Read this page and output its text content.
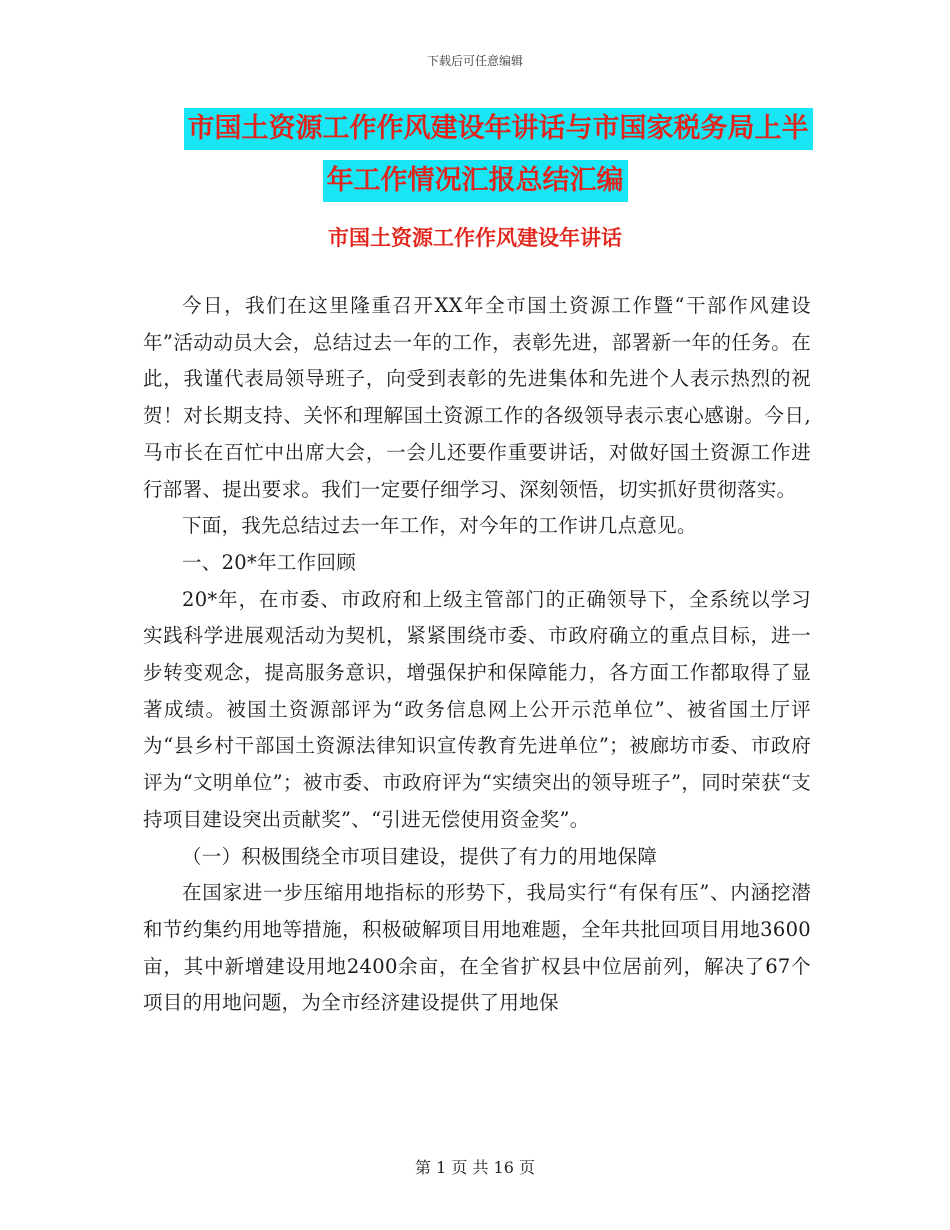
下载后可任意编辑
市国土资源工作作风建设年讲话与市国家税务局上半
年工作情况汇报总结汇编
市国土资源工作作风建设年讲话

今日，我们在这里隆重召开XX年全市国土资源工作暨“干部作风建设年”活动动员大会，总结过去一年的工作，表彰先进，部署新一年的任务。在此，我谨代表局领导班子，向受到表彰的先进集体和先进个人表示热烈的祝贺！对长期支持、关怀和理解国土资源工作的各级领导表示衷心感谢。今日,马市长在百忙中出席大会，一会儿还要作重要讲话，对做好国土资源工作进行部署、提出要求。我们一定要仔细学习、深刻领悟，切实抓好贯彻落实。

下面，我先总结过去一年工作，对今年的工作讲几点意见。

一、20*年工作回顾

20*年，在市委、市政府和上级主管部门的正确领导下，全系统以学习实践科学进展观活动为契机，紧紧围绕市委、市政府确立的重点目标，进一步转变观念，提高服务意识，增强保护和保障能力，各方面工作都取得了显著成绩。被国土资源部评为“政务信息网上公开示范单位”、被省国土厅评为“县乡村干部国土资源法律知识宣传教育先进单位”；被廊坊市委、市政府评为“文明单位”；被市委、市政府评为“实绩突出的领导班子”，同时荣获“支持项目建设突出贡献奖”、“引进无偿使用资金奖”。

（一）积极围绕全市项目建设，提供了有力的用地保障

在国家进一步压缩用地指标的形势下，我局实行“有保有压”、内涵挖潜和节约集约用地等措施，积极破解项目用地难题，全年共批回项目用地3600亩，其中新增建设用地2400余亩，在全省扩权县中位居前列，解决了67个项目的用地问题，为全市经济建设提供了用地保

第 1 页 共 16 页
